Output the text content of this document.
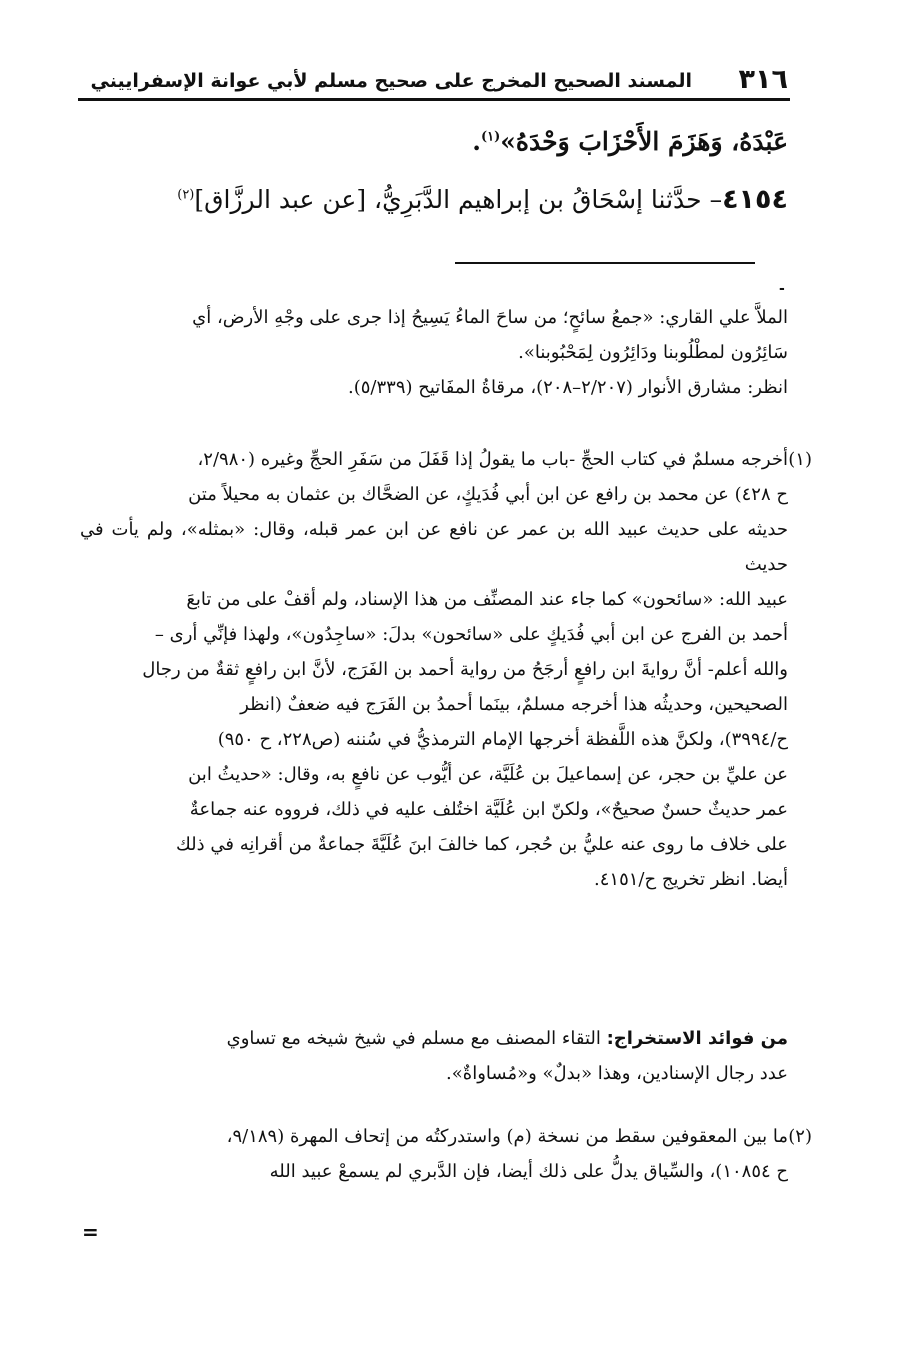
٣١٦
المسند الصحيح المخرج على صحيح مسلم لأبي عوانة الإسفراييني
عَبْدَهُ، وَهَزَمَ الأَحْزَابَ وَحْدَهُ»$^{(١)}$.
٤١٥٤– حدَّثنا إسْحَاقُ بن إبراهيم الدَّبَرِيُّ، [عن عبد الرزَّاق]$^{(٢)}$
-

الملاَّ علي القاري: «جمعُ سائحٍ؛ من ساحَ الماءُ يَسِيحُ إذا جرى على وجْهِ الأرض، أي

سَائِرُون لمطْلُوبنا ودَائِرُون لِمَحْبُوبنا».

انظر: مشارق الأنوار (٢/٢٠٧–٢٠٨)، مرقاةُ المفَاتيح (٥/٣٣٩).

(١)

أخرجه مسلمٌ في كتاب الحجِّ -باب ما يقولُ إذا قَفَلَ من سَفَرِ الحجِّ وغيره (٢/٩٨٠،

ح ٤٢٨) عن محمد بن رافع عن ابن أبي فُدَيكٍ، عن الضحَّاك بن عثمان به محيلاً متن

حديثه على حديث عبيد الله بن عمر عن نافع عن ابن عمر قبله، وقال: «بمثله»، ولم يأت في حديث

عبيد الله: «سائحون» كما جاء عند المصنِّف من هذا الإسناد، ولم أقفْ على من تابعَ

أحمد بن الفرج عن ابن أبي فُدَيكٍ على «سائحون» بدلَ: «ساجِدُون»، ولهذا فإنِّي أرى –

والله أعلم- أنَّ روايةَ ابن رافعٍ أرجَحُ من رواية أحمد بن الفَرَج، لأنَّ ابن رافعٍ ثقةٌ من رجال

الصحيحين، وحديثُه هذا أخرجه مسلمٌ، بينَما أحمدُ بن الفَرَج فيه ضعفٌ (انظر

ح/٣٩٩٤)، ولكنَّ هذه اللَّفظة أخرجها الإمام الترمذيُّ في سُننه (ص٢٢٨، ح ٩٥٠)

عن عليِّ بن حجر، عن إسماعيلَ بن عُلَيَّة، عن أيُّوب عن نافعٍ به، وقال: «حديثُ ابن

عمر حديثٌ حسنٌ صحيحٌ»، ولكنّ ابن عُلَيَّة اختُلف عليه في ذلك، فرووه عنه جماعةٌ

على خلاف ما روى عنه عليُّ بن حُجر، كما خالفَ ابنَ عُلَيَّةَ جماعةٌ من أقرانِه في ذلك

أيضا. انظر تخريج ح/٤١٥١.

من فوائد الاستخراج: التقاء المصنف مع مسلم في شيخ شيخه مع تساوي

عدد رجال الإسنادين، وهذا «بدلٌ» و«مُساواةٌ».

(٢)

ما بين المعقوفين سقط من نسخة (م) واستدركتُه من إتحاف المهرة (٩/١٨٩،

ح ١٠٨٥٤)، والسِّياق يدلُّ على ذلك أيضا، فإن الدَّبري لم يسمعْ عبيد الله

=
